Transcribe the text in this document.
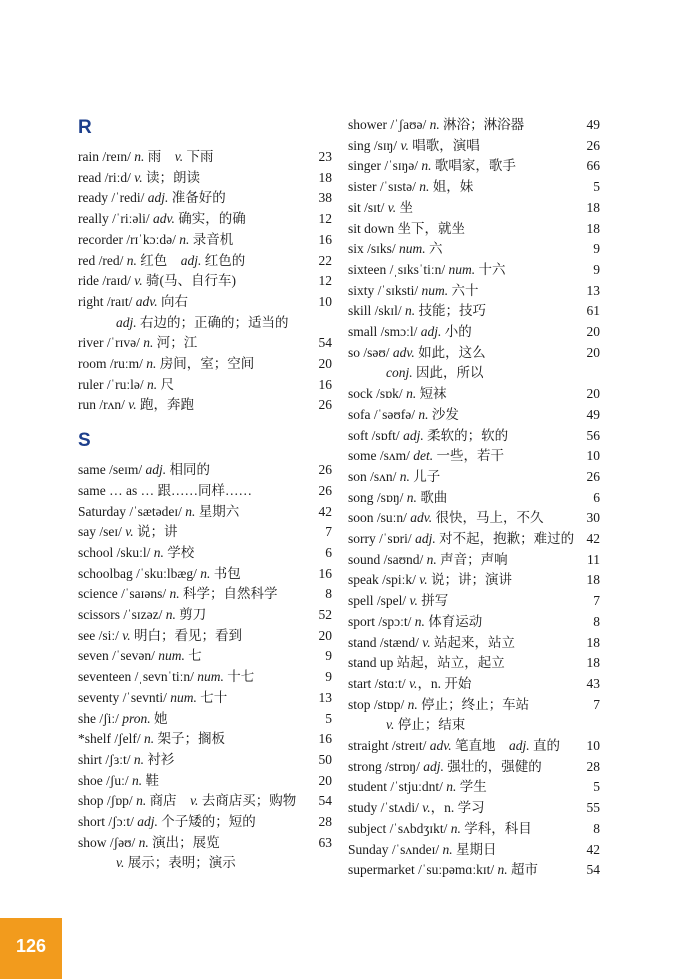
R
rain /reɪn/ n. 雨　v. 下雨	23
read /riːd/ v. 读；朗读	18
ready /ˈredi/ adj. 准备好的	38
really /ˈriːəli/ adv. 确实，的确	12
recorder /rɪˈkɔːdə/ n. 录音机	16
red /red/ n. 红色　adj. 红色的	22
ride /raɪd/ v. 骑(马、自行车)	12
right /raɪt/ adv. 向右	10
adj. 右边的；正确的；适当的
river /ˈrɪvə/ n. 河；江	54
room /ruːm/ n. 房间，室；空间	20
ruler /ˈruːlə/ n. 尺	16
run /rʌn/ v. 跑，奔跑	26
S
same /seɪm/ adj. 相同的	26
same … as … 跟……同样……	26
Saturday /ˈsætədeɪ/ n. 星期六	42
say /seɪ/ v. 说；讲	7
school /skuːl/ n. 学校	6
schoolbag /ˈskuːlbæg/ n. 书包	16
science /ˈsaɪəns/ n. 科学；自然科学	8
scissors /ˈsɪzəz/ n. 剪刀	52
see /siː/ v. 明白；看见；看到	20
seven /ˈsevən/ num. 七	9
seventeen /ˌsevnˈtiːn/ num. 十七	9
seventy /ˈsevnti/ num. 七十	13
she /ʃiː/ pron. 她	5
*shelf /ʃelf/ n. 架子；搁板	16
shirt /ʃɜːt/ n. 衬衫	50
shoe /ʃuː/ n. 鞋	20
shop /ʃɒp/ n. 商店　v. 去商店买；购物 54
short /ʃɔːt/ adj. 个子矮的；短的	28
show /ʃəʊ/ n. 演出；展览	63
v. 展示；表明；演示
shower /ˈʃaʊə/ n. 淋浴；淋浴器	49
sing /sɪŋ/ v. 唱歌，演唱	26
singer /ˈsɪŋə/ n. 歌唱家，歌手	66
sister /ˈsɪstə/ n. 姐，妹	5
sit /sɪt/ v. 坐	18
sit down 坐下，就坐	18
six /sɪks/ num. 六	9
sixteen /ˌsɪksˈtiːn/ num. 十六	9
sixty /ˈsɪksti/ num. 六十	13
skill /skɪl/ n. 技能；技巧	61
small /smɔːl/ adj. 小的	20
so /səʊ/ adv. 如此，这么	20
conj. 因此，所以
sock /sɒk/ n. 短袜	20
sofa /ˈsəʊfə/ n. 沙发	49
soft /sɒft/ adj. 柔软的；软的	56
some /sʌm/ det. 一些，若干	10
son /sʌn/ n. 儿子	26
song /sɒŋ/ n. 歌曲	6
soon /suːn/ adv. 很快，马上，不久	30
sorry /ˈsɒri/ adj. 对不起，抱歉；难过的 42
sound /saʊnd/ n. 声音；声响	11
speak /spiːk/ v. 说；讲；演讲	18
spell /spel/ v. 拼写	7
sport /spɔːt/ n. 体育运动	8
stand /stænd/ v. 站起来，站立	18
stand up 站起，站立，起立	18
start /stɑːt/ v.，n. 开始	43
stop /stɒp/ n. 停止；终止；车站	7
v. 停止；结束
straight /streɪt/ adv. 笔直地　adj. 直的 10
strong /strɒŋ/ adj. 强壮的，强健的	28
student /ˈstjuːdnt/ n. 学生	5
study /ˈstʌdi/ v.，n. 学习	55
subject /ˈsʌbdʒɪkt/ n. 学科，科目	8
Sunday /ˈsʌndeɪ/ n. 星期日	42
supermarket /ˈsuːpəmɑːkɪt/ n. 超市	54
126
